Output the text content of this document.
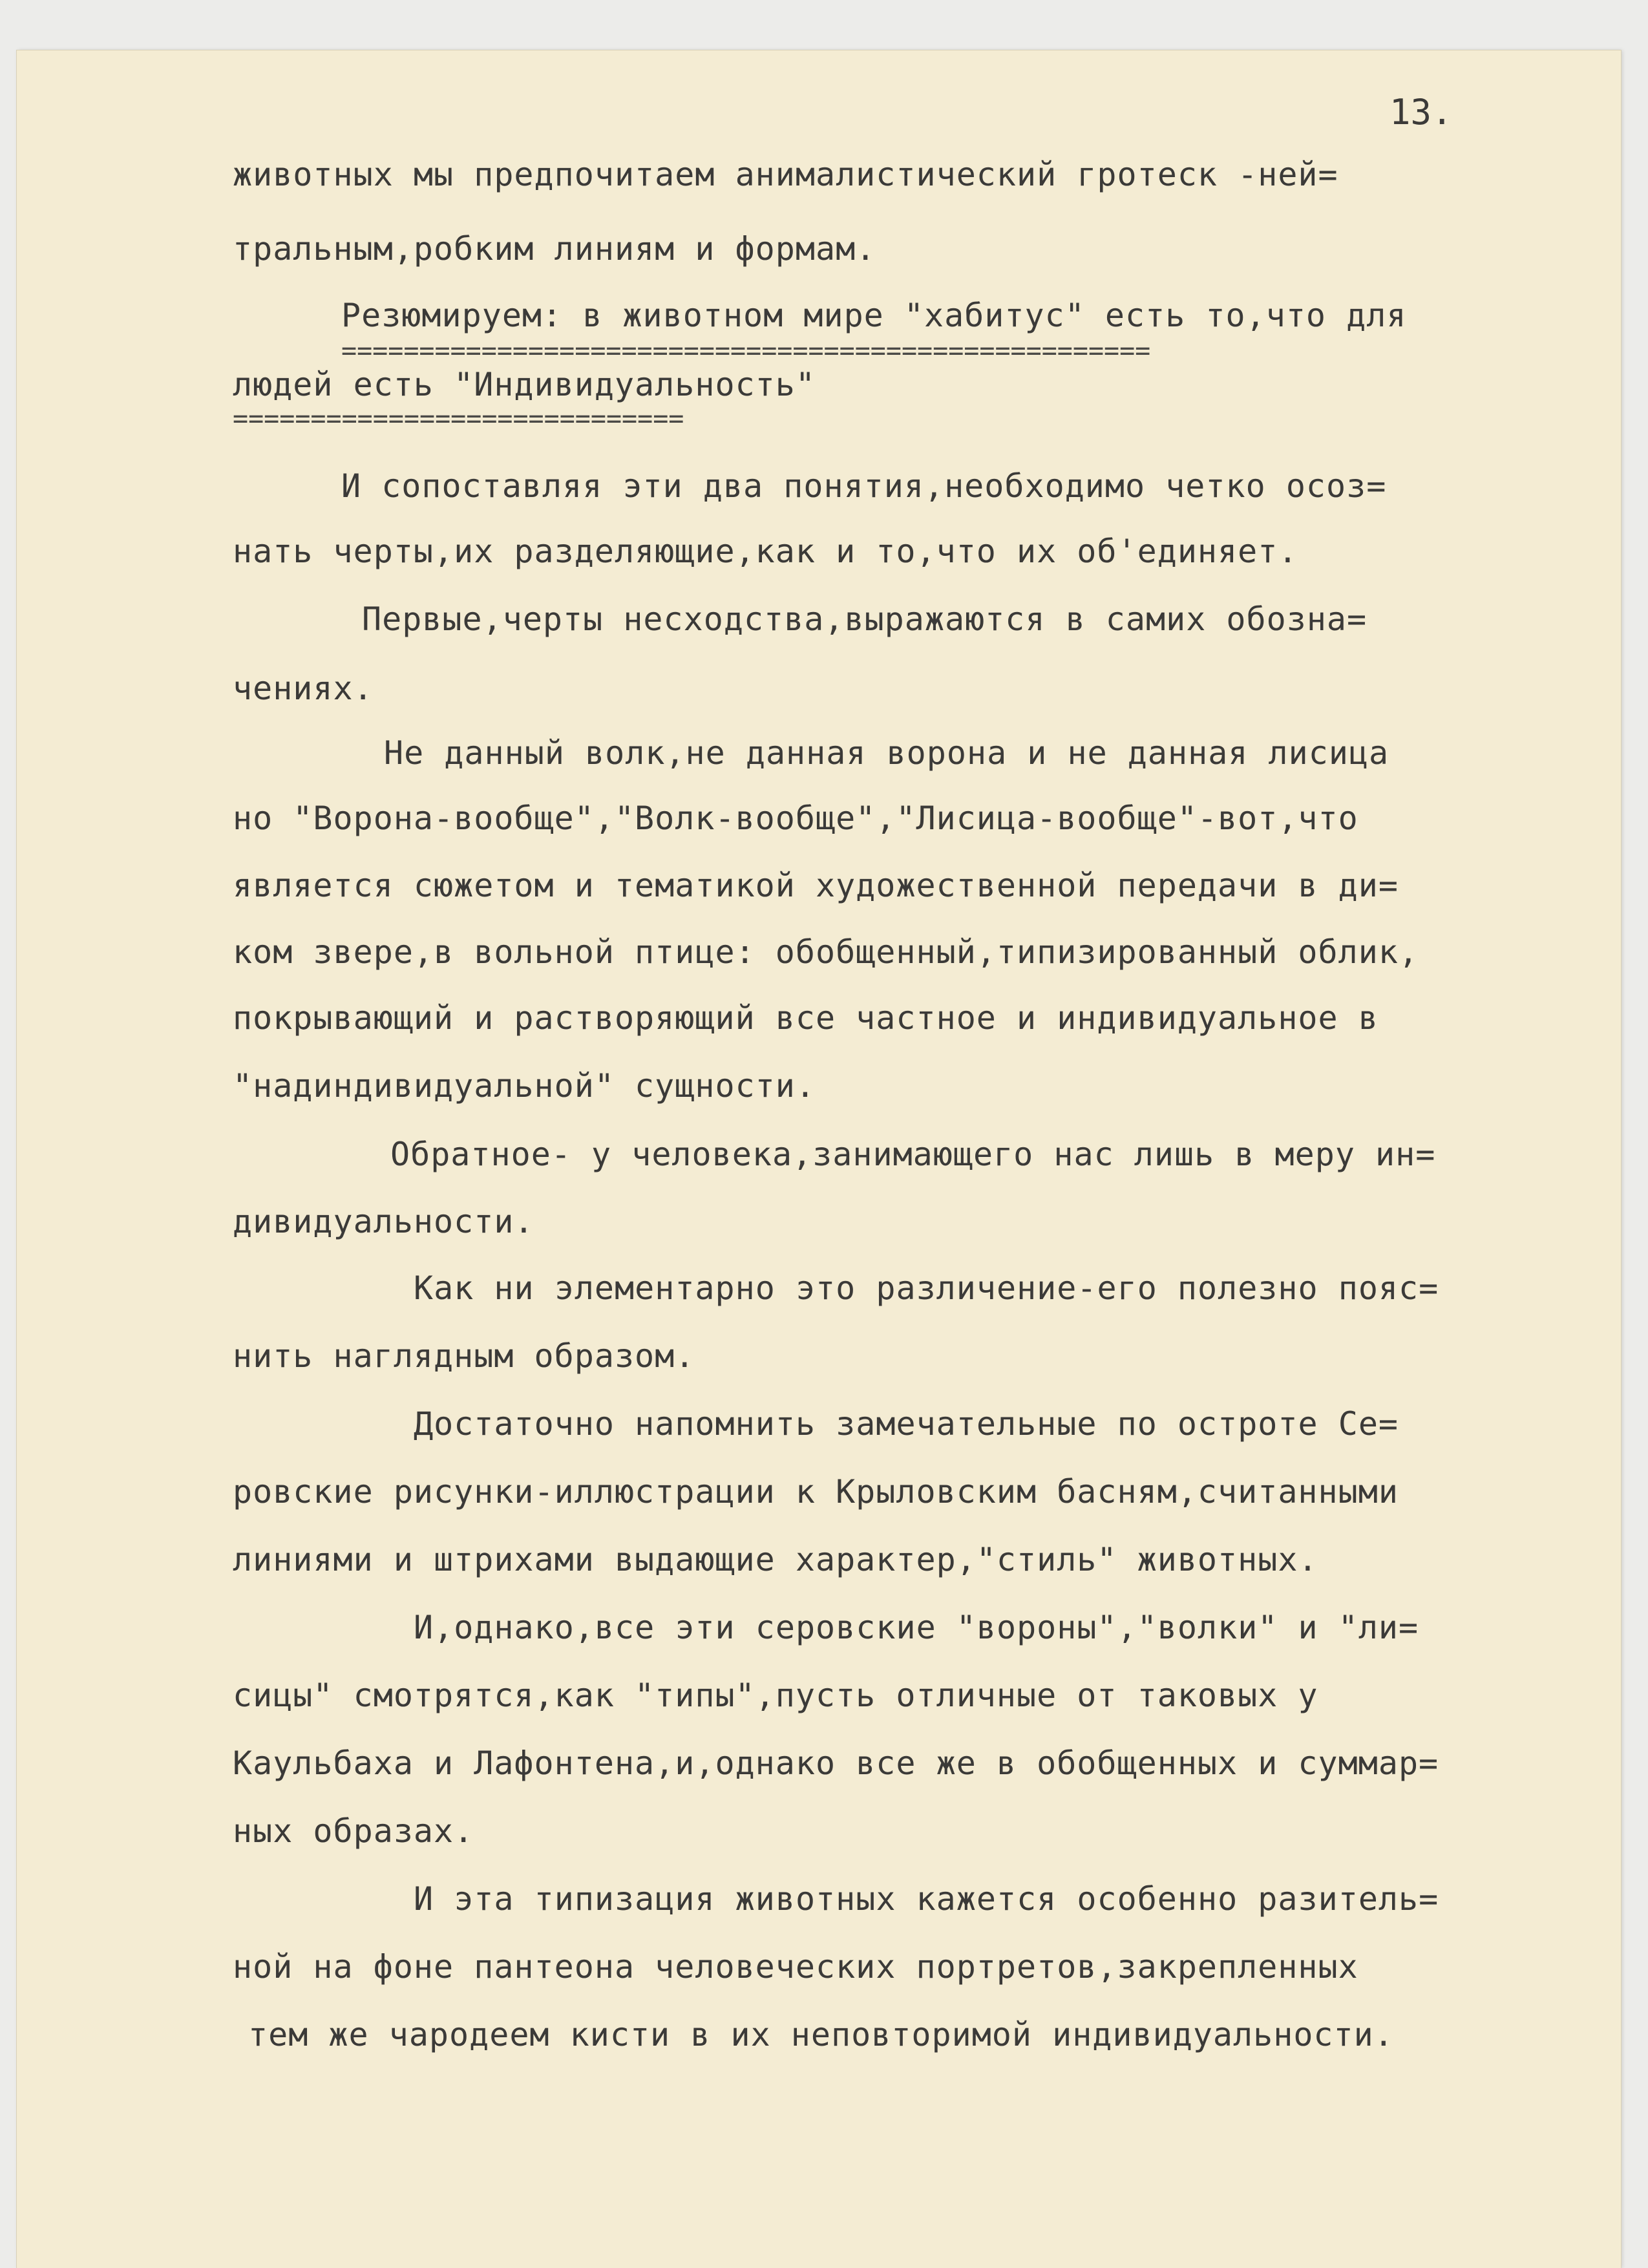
13.
животных мы предпочитаем анималистический гротеск -ней=
тральным,робким линиям и формам.
Резюмируем: в животном мире "хабитус" есть то,что для
====================================================
людей есть "Индивидуальность"
=============================
И сопоставляя эти два понятия,необходимо четко осоз=
нать черты,их разделяющие,как и то,что их об'единяет.
Первые,черты несходства,выражаются в самих обозна=
чениях.
Не данный волк,не данная ворона и не данная лисица
но "Ворона-вообще","Волк-вообще","Лисица-вообще"-вот,что
является сюжетом и тематикой художественной передачи в ди=
ком звере,в вольной птице: обобщенный,типизированный облик,
покрывающий и растворяющий все частное и индивидуальное в
"надиндивидуальной" сущности.
Обратное- у человека,занимающего нас лишь в меру ин=
дивидуальности.
Как ни элементарно это различение-его полезно пояс=
нить наглядным образом.
Достаточно напомнить замечательные по остроте Се=
ровские рисунки-иллюстрации к Крыловским басням,считанными
линиями и штрихами выдающие характер,"стиль" животных.
И,однако,все эти серовские "вороны","волки" и "ли=
сицы" смотрятся,как "типы",пусть отличные от таковых у
Каульбаха и Лафонтена,и,однако все же в обобщенных и суммар=
ных образах.
И эта типизация животных кажется особенно разитель=
ной на фоне пантеона человеческих портретов,закрепленных
тем же чародеем кисти в их неповторимой индивидуальности.
